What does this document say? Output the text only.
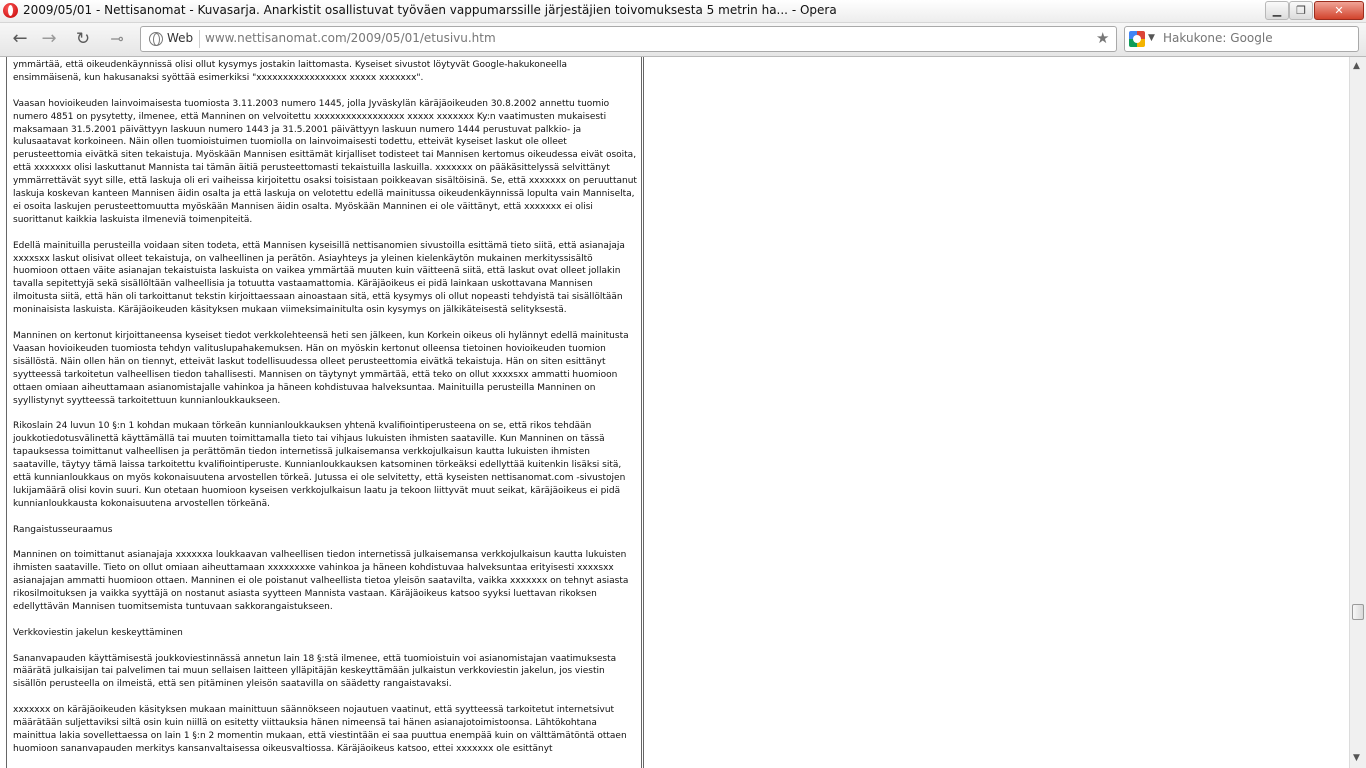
2009/05/01 - Nettisanomat - Kuvasarja. Anarkistit osallistuvat työväen vappumarssille järjestäjien toivomuksesta 5 metrin ha... - Opera	▁	❐	✕
← →	↻	⊸	Web
www.nettisanomat.com/2009/05/01/etusivu.htm	★	▼
Hakukone: Google

ymmärtää, että oikeudenkäynnissä olisi ollut kysymys jostakin laittomasta. Kyseiset sivustot löytyvät Google-hakukoneella ensimmäisenä, kun hakusanaksi syöttää esimerkiksi "xxxxxxxxxxxxxxxxx xxxxx xxxxxxx".

Vaasan hovioikeuden lainvoimaisesta tuomiosta 3.11.2003 numero 1445, jolla Jyväskylän käräjäoikeuden 30.8.2002 annettu tuomio numero 4851 on pysytetty, ilmenee, että Manninen on velvoitettu xxxxxxxxxxxxxxxxx xxxxx xxxxxxx Ky:n vaatimusten mukaisesti maksamaan 31.5.2001 päivättyyn laskuun numero 1443 ja 31.5.2001 päivättyyn laskuun numero 1444 perustuvat palkkio- ja kulusaatavat korkoineen. Näin ollen tuomioistuimen tuomiolla on lainvoimaisesti todettu, etteivät kyseiset laskut ole olleet perusteettomia eivätkä siten tekaistuja. Myöskään Mannisen esittämät kirjalliset todisteet tai Mannisen kertomus oikeudessa eivät osoita, että xxxxxxx olisi laskuttanut Mannista tai tämän äitiä perusteettomasti tekaistuilla laskuilla. xxxxxxx on pääkäsittelyssä selvittänyt ymmärrettävät syyt sille, että laskuja oli eri vaiheissa kirjoitettu osaksi toisistaan poikkeavan sisältöisinä. Se, että xxxxxxx on peruuttanut laskuja koskevan kanteen Mannisen äidin osalta ja että laskuja on velotettu edellä mainitussa oikeudenkäynnissä lopulta vain Manniselta, ei osoita laskujen perusteettomuutta myöskään Mannisen äidin osalta. Myöskään Manninen ei ole väittänyt, että xxxxxxx ei olisi suorittanut kaikkia laskuista ilmeneviä toimenpiteitä.

Edellä mainituilla perusteilla voidaan siten todeta, että Mannisen kyseisillä nettisanomien sivustoilla esittämä tieto siitä, että asianajaja xxxxsxx laskut olisivat olleet tekaistuja, on valheellinen ja perätön. Asiayhteys ja yleinen kielenkäytön mukainen merkityssisältö huomioon ottaen väite asianajan tekaistuista laskuista on vaikea ymmärtää muuten kuin väitteenä siitä, että laskut ovat olleet jollakin tavalla sepitettyjä sekä sisällöltään valheellisia ja totuutta vastaamattomia. Käräjäoikeus ei pidä lainkaan uskottavana Mannisen ilmoitusta siitä, että hän oli tarkoittanut tekstin kirjoittaessaan ainoastaan sitä, että kysymys oli ollut nopeasti tehdyistä tai sisällöltään moninaisista laskuista. Käräjäoikeuden käsityksen mukaan viimeksimainitulta osin kysymys on jälkikäteisestä selityksestä.

Manninen on kertonut kirjoittaneensa kyseiset tiedot verkkolehteensä heti sen jälkeen, kun Korkein oikeus oli hylännyt edellä mainitusta Vaasan hovioikeuden tuomiosta tehdyn valituslupahakemuksen. Hän on myöskin kertonut olleensa tietoinen hovioikeuden tuomion sisällöstä. Näin ollen hän on tiennyt, etteivät laskut todellisuudessa olleet perusteettomia eivätkä tekaistuja. Hän on siten esittänyt syytteessä tarkoitetun valheellisen tiedon tahallisesti. Mannisen on täytynyt ymmärtää, että teko on ollut xxxxsxx ammatti huomioon ottaen omiaan aiheuttamaan asianomistajalle vahinkoa ja häneen kohdistuvaa halveksuntaa. Mainituilla perusteilla Manninen on syyllistynyt syytteessä tarkoitettuun kunnianloukkaukseen.

Rikoslain 24 luvun 10 §:n 1 kohdan mukaan törkeän kunnianloukkauksen yhtenä kvalifiointiperusteena on se, että rikos tehdään joukkotiedotusvälinettä käyttämällä tai muuten toimittamalla tieto tai vihjaus lukuisten ihmisten saataville. Kun Manninen on tässä tapauksessa toimittanut valheellisen ja perättömän tiedon internetissä julkaisemansa verkkojulkaisun kautta lukuisten ihmisten saataville, täytyy tämä laissa tarkoitettu kvalifiointiperuste. Kunnianloukkauksen katsominen törkeäksi edellyttää kuitenkin lisäksi sitä, että kunnianloukkaus on myös kokonaisuutena arvostellen törkeä. Jutussa ei ole selvitetty, että kyseisten nettisanomat.com -sivustojen lukijamäärä olisi kovin suuri. Kun otetaan huomioon kyseisen verkkojulkaisun laatu ja tekoon liittyvät muut seikat, käräjäoikeus ei pidä kunnianloukkausta kokonaisuutena arvostellen törkeänä.

Rangaistusseuraamus

Manninen on toimittanut asianajaja xxxxxxa loukkaavan valheellisen tiedon internetissä julkaisemansa verkkojulkaisun kautta lukuisten ihmisten saataville. Tieto on ollut omiaan aiheuttamaan xxxxxxxxe vahinkoa ja häneen kohdistuvaa halveksuntaa erityisesti xxxxsxx asianajajan ammatti huomioon ottaen. Manninen ei ole poistanut valheellista tietoa yleisön saatavilta, vaikka xxxxxxx on tehnyt asiasta rikosilmoituksen ja vaikka syyttäjä on nostanut asiasta syytteen Mannista vastaan. Käräjäoikeus katsoo syyksi luettavan rikoksen edellyttävän Mannisen tuomitsemista tuntuvaan sakkorangaistukseen.

Verkkoviestin jakelun keskeyttäminen

Sananvapauden käyttämisestä joukkoviestinnässä annetun lain 18 §:stä ilmenee, että tuomioistuin voi asianomistajan vaatimuksesta määrätä julkaisijan tai palvelimen tai muun sellaisen laitteen ylläpitäjän keskeyttämään julkaistun verkkoviestin jakelun, jos viestin sisällön perusteella on ilmeistä, että sen pitäminen yleisön saatavilla on säädetty rangaistavaksi.

xxxxxxx on käräjäoikeuden käsityksen mukaan mainittuun säännökseen nojautuen vaatinut, että syytteessä tarkoitetut internetsivut määrätään suljettaviksi siltä osin kuin niillä on esitetty viittauksia hänen nimeensä tai hänen asianajotoimistoonsa. Lähtökohtana mainittua lakia sovellettaessa on lain 1 §:n 2 momentin mukaan, että viestintään ei saa puuttua enempää kuin on välttämätöntä ottaen huomioon sananvapauden merkitys kansanvaltaisessa oikeusvaltiossa. Käräjäoikeus katsoo, ettei xxxxxxx ole esittänyt

▲
▼
